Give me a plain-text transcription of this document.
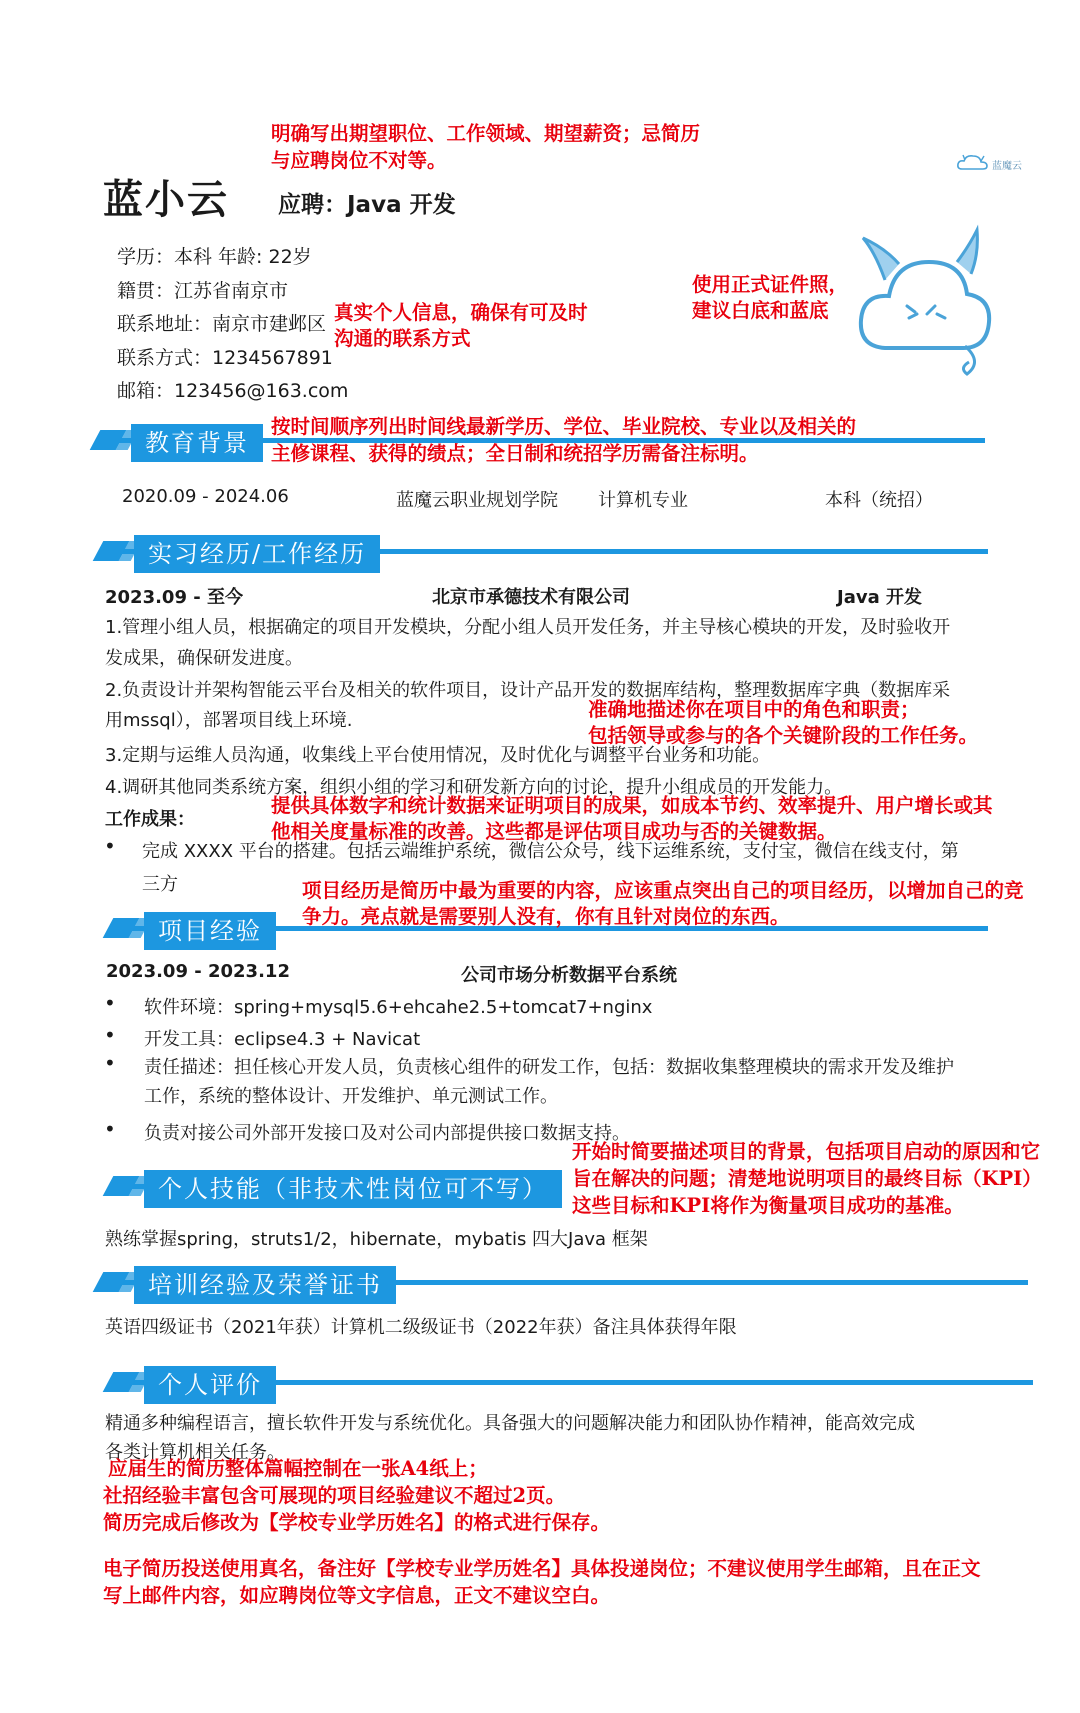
蓝小云 应聘：Java 开发
蓝魔云
学历：本科 年龄: 22岁
籍贯：江苏省南京市
联系地址：南京市建邺区
联系方式：1234567891
邮箱：123456@163.com
教育背景
2020.09 - 2024.06	蓝魔云职业规划学院 计算机专业	本科（统招）
实习经历/工作经历
2023.09 - 至今	北京市承德技术有限公司	Java 开发
1.管理小组人员，根据确定的项目开发模块，分配小组人员开发任务，并主导核心模块的开发，及时验收开
发成果，确保研发进度。
2.负责设计并架构智能云平台及相关的软件项目，设计产品开发的数据库结构，整理数据库字典（数据库采
用mssql），部署项目线上环境.
3.定期与运维人员沟通，收集线上平台使用情况，及时优化与调整平台业务和功能。
4.调研其他同类系统方案，组织小组的学习和研发新方向的讨论，提升小组成员的开发能力。
工作成果：
• 完成 XXXX 平台的搭建。包括云端维护系统，微信公众号，线下运维系统，支付宝，微信在线支付，第
三方
项目经验
2023.09 - 2023.12	公司市场分析数据平台系统
• 软件环境：spring+mysql5.6+ehcahe2.5+tomcat7+nginx
• 开发工具：eclipse4.3 + Navicat
• 责任描述：担任核心开发人员，负责核心组件的研发工作，包括：数据收集整理模块的需求开发及维护
工作，系统的整体设计、开发维护、单元测试工作。
• 负责对接公司外部开发接口及对公司内部提供接口数据支持。
个人技能（非技术性岗位可不写）
熟练掌握spring，struts1/2，hibernate，mybatis 四大Java 框架
培训经验及荣誉证书
英语四级证书（2021年获）计算机二级级证书（2022年获）备注具体获得年限
个人评价
精通多种编程语言，擅长软件开发与系统优化。具备强大的问题解决能力和团队协作精神，能高效完成
各类计算机相关任务。
明确写出期望职位、工作领域、期望薪资；忌简历
与应聘岗位不对等。
真实个人信息，确保有可及时
沟通的联系方式
使用正式证件照，
建议白底和蓝底
按时间顺序列出时间线最新学历、学位、毕业院校、专业以及相关的
主修课程、获得的绩点；全日制和统招学历需备注标明。
准确地描述你在项目中的角色和职责；
包括领导或参与的各个关键阶段的工作任务。
提供具体数字和统计数据来证明项目的成果，如成本节约、效率提升、用户增长或其
他相关度量标准的改善。这些都是评估项目成功与否的关键数据。
项目经历是简历中最为重要的内容，应该重点突出自己的项目经历，以增加自己的竞
争力。亮点就是需要别人没有，你有且针对岗位的东西。
开始时简要描述项目的背景，包括项目启动的原因和它
旨在解决的问题；清楚地说明项目的最终目标（KPI）
这些目标和KPI将作为衡量项目成功的基准。
应届生的简历整体篇幅控制在一张A4纸上；
社招经验丰富包含可展现的项目经验建议不超过2页。
简历完成后修改为【学校专业学历姓名】的格式进行保存。
电子简历投送使用真名，备注好【学校专业学历姓名】具体投递岗位；不建议使用学生邮箱，且在正文
写上邮件内容，如应聘岗位等文字信息，正文不建议空白。
